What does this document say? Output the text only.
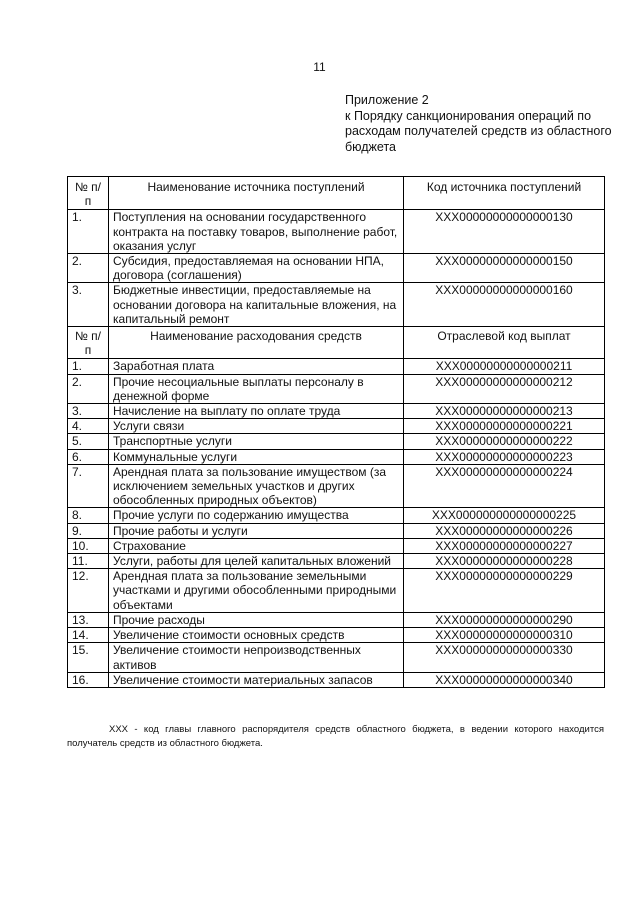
11
Приложение 2
к Порядку санкционирования операций по расходам получателей средств из областного бюджета
№ п/п	Наименование источника поступлений	Код источника поступлений
1.	Поступления на основании государственного контракта на поставку товаров, выполнение работ, оказания услуг	XXX00000000000000130
2.	Субсидия, предоставляемая на основании НПА, договора (соглашения)	XXX00000000000000150
3.	Бюджетные инвестиции, предоставляемые на основании договора на капитальные вложения, на капитальный ремонт	XXX00000000000000160
№ п/п	Наименование расходования средств	Отраслевой код выплат
1.	Заработная плата	XXX00000000000000211
2.	Прочие несоциальные выплаты персоналу в денежной форме	XXX00000000000000212
3.	Начисление на выплату по оплате труда	XXX00000000000000213
4.	Услуги связи	XXX00000000000000221
5.	Транспортные услуги	XXX00000000000000222
6.	Коммунальные услуги	XXX00000000000000223
7.	Арендная плата за пользование имуществом (за исключением земельных участков и других обособленных природных объектов)	XXX00000000000000224
8.	Прочие услуги по содержанию имущества	XXX000000000000000225
9.	Прочие работы и услуги	XXX00000000000000226
10.	Страхование	XXX00000000000000227
11.	Услуги, работы для целей капитальных вложений	XXX00000000000000228
12.	Арендная плата за пользование земельными участками и другими обособленными природными объектами	XXX00000000000000229
13.	Прочие расходы	XXX00000000000000290
14.	Увеличение стоимости основных средств	XXX00000000000000310
15.	Увеличение стоимости непроизводственных активов	XXX00000000000000330
16.	Увеличение стоимости материальных запасов	XXX00000000000000340
XXX - код главы главного распорядителя средств областного бюджета, в ведении которого находится получатель средств из областного бюджета.
